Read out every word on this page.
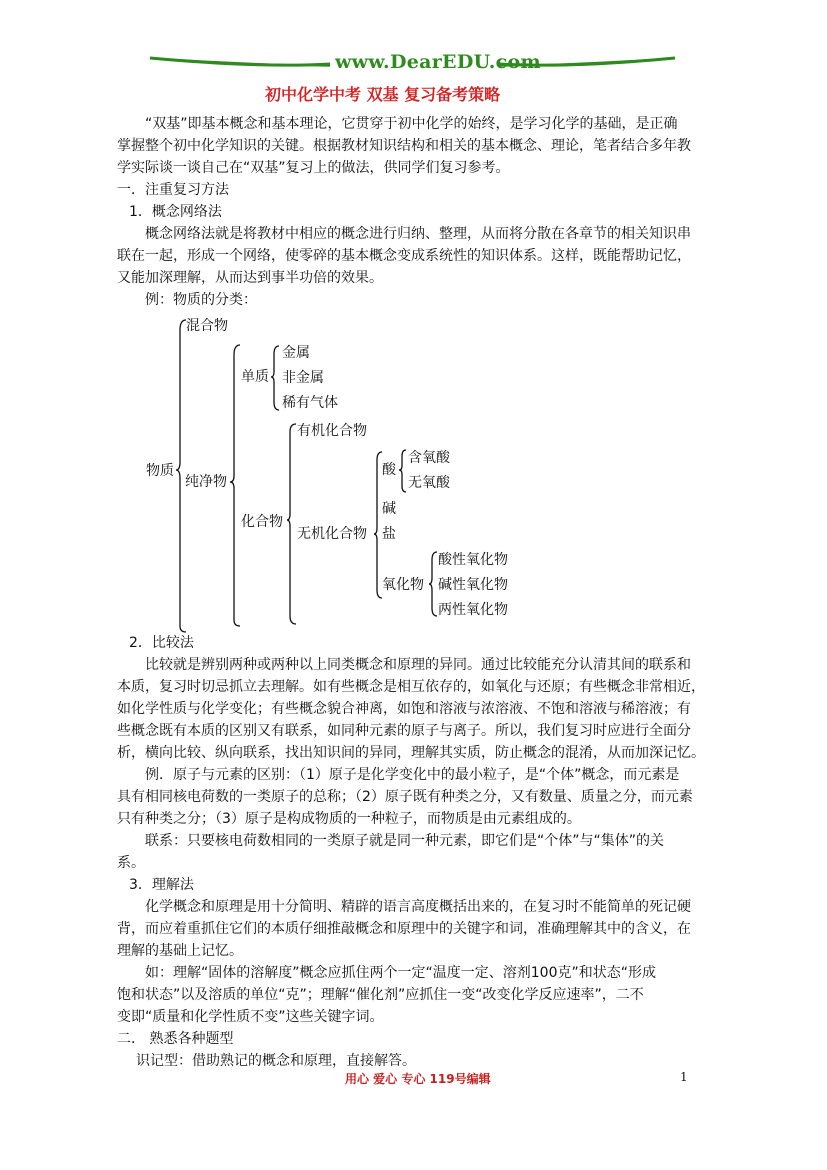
www.DearEDU.com
初中化学中考 双基 复习备考策略
“双基”即基本概念和基本理论，它贯穿于初中化学的始终，是学习化学的基础，是正确
掌握整个初中化学知识的关键。根据教材知识结构和相关的基本概念、理论，笔者结合多年教
学实际谈一谈自己在“双基”复习上的做法，供同学们复习参考。
一．注重复习方法
1．概念网络法
概念网络法就是将教材中相应的概念进行归纳、整理，从而将分散在各章节的相关知识串
联在一起，形成一个网络，使零碎的基本概念变成系统性的知识体系。这样，既能帮助记忆，
又能加深理解，从而达到事半功倍的效果。
例：物质的分类：
物质
混合物
纯净物
单质
金属
非金属
稀有气体
化合物
有机化合物
无机化合物
酸
含氧酸
无氧酸
碱
盐
氧化物
酸性氧化物
碱性氧化物
两性氧化物
2．比较法
比较就是辨别两种或两种以上同类概念和原理的异同。通过比较能充分认清其间的联系和
本质，复习时切忌抓立去理解。如有些概念是相互依存的，如氧化与还原；有些概念非常相近，
如化学性质与化学变化；有些概念貌合神离，如饱和溶液与浓溶液、不饱和溶液与稀溶液；有
些概念既有本质的区别又有联系，如同种元素的原子与离子。所以，我们复习时应进行全面分
析，横向比较、纵向联系，找出知识间的异同，理解其实质，防止概念的混淆，从而加深记忆。
例．原子与元素的区别：（1）原子是化学变化中的最小粒子，是“个体”概念，而元素是
具有相同核电荷数的一类原子的总称；（2）原子既有种类之分，又有数量、质量之分，而元素
只有种类之分；（3）原子是构成物质的一种粒子，而物质是由元素组成的。
联系：只要核电荷数相同的一类原子就是同一种元素，即它们是“个体”与“集体”的关
系。
3．理解法
化学概念和原理是用十分简明、精辟的语言高度概括出来的，在复习时不能简单的死记硬
背，而应着重抓住它们的本质仔细推敲概念和原理中的关键字和词，准确理解其中的含义，在
理解的基础上记忆。
如：理解“固体的溶解度”概念应抓住两个一定“温度一定、溶剂100克”和状态“形成
饱和状态”以及溶质的单位“克”；理解“催化剂”应抓住一变“改变化学反应速率”，二不
变即“质量和化学性质不变”这些关键字词。
二． 熟悉各种题型
识记型：借助熟记的概念和原理，直接解答。
用心 爱心 专心 119号编辑	1
